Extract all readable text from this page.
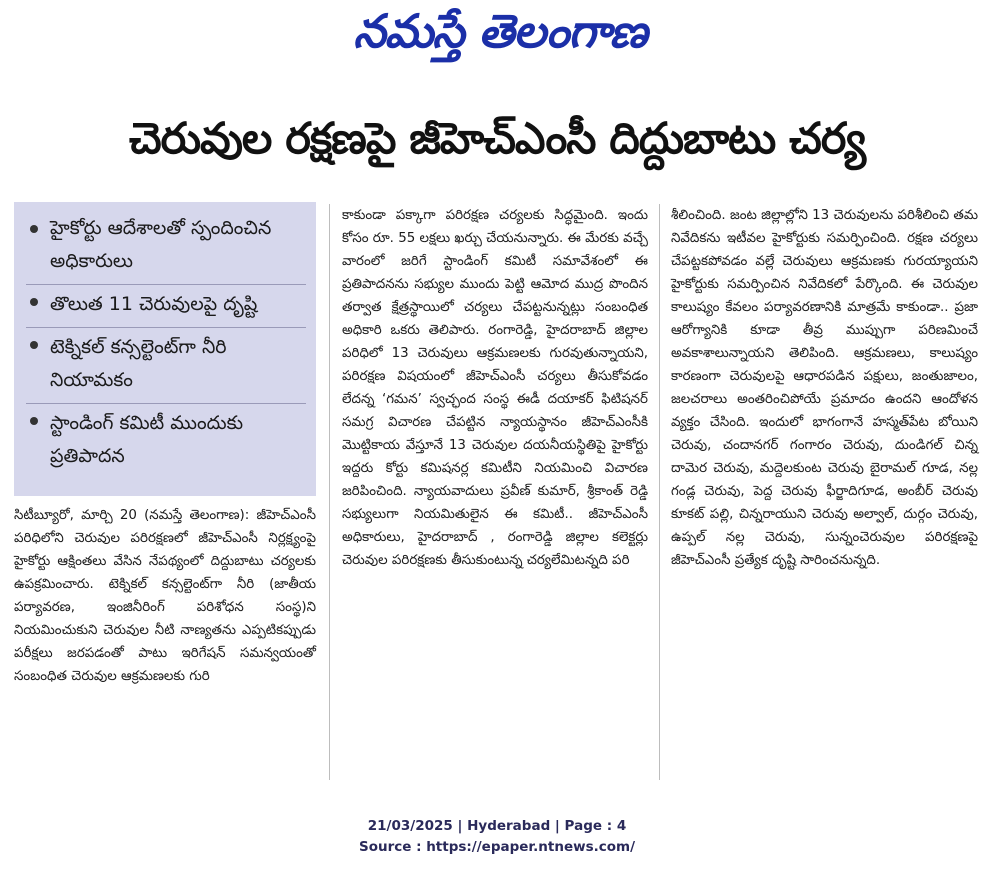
నమస్తే తెలంగాణ
చెరువుల రక్షణపై జీహెచ్ఎంసీ దిద్దుబాటు చర్య
హైకోర్టు ఆదేశాలతో స్పందించిన అధికారులు
తొలుత 11 చెరువులపై దృష్టి
టెక్నికల్ కన్సల్టెంట్‌గా నీరి నియామకం
స్టాండింగ్ కమిటీ ముందుకు ప్రతిపాదన

సిటీబ్యూరో, మార్చి 20 (నమస్తే తెలంగాణ): జీహెచ్ఎంసీ పరిధిలోని చెరువుల పరిరక్షణలో జీహెచ్ఎంసీ నిర్లక్ష్యంపై హైకోర్టు ఆక్షింతలు వేసిన నేపథ్యంలో దిద్దుబాటు చర్యలకు ఉపక్రమించారు. టెక్నికల్ కన్సల్టెంట్‌గా నీరి (జాతీయ పర్యావరణ, ఇంజినీరింగ్ పరిశోధన సంస్థ)ని నియమించుకుని చెరువుల నీటి నాణ్యతను ఎప్పటికప్పుడు పరీక్షలు జరపడంతో పాటు ఇరిగేషన్ సమన్వయంతో సంబంధిత చెరువుల ఆక్రమణలకు గురి

కాకుండా పక్కాగా పరిరక్షణ చర్యలకు సిద్ధమైంది. ఇందు కోసం రూ. 55 లక్షలు ఖర్చు చేయనున్నారు. ఈ మేరకు వచ్చే వారంలో జరిగే స్టాండింగ్ కమిటీ సమావేశంలో ఈ ప్రతిపాదనను సభ్యుల ముందు పెట్టి ఆమోద ముద్ర పొందిన తర్వాత క్షేత్రస్థాయిలో చర్యలు చేపట్టనున్నట్లు సంబంధిత అధికారి ఒకరు తెలిపారు. రంగారెడ్డి, హైదరాబాద్ జిల్లాల పరిధిలో 13 చెరువులు ఆక్రమణలకు గురవుతున్నాయని, పరిరక్షణ విషయంలో జీహెచ్ఎంసీ చర్యలు తీసుకోవడం లేదన్న ‘గమన’ స్వచ్ఛంద సంస్థ ఈడీ దయాకర్ ఫిటిషనర్ సమగ్ర విచారణ చేపట్టిన న్యాయస్థానం జీహెచ్ఎంసీకి మొట్టికాయ వేస్తూనే 13 చెరువుల దయనీయస్థితిపై హైకోర్టు ఇద్దరు కోర్టు కమిషనర్ల కమిటీని నియమించి విచారణ జరిపించింది. న్యాయవాదులు ప్రవీణ్ కుమార్, శ్రీకాంత్ రెడ్డి సభ్యులుగా నియమితులైన ఈ కమిటీ.. జీహెచ్ఎంసీ అధికారులు, హైదరాబాద్ , రంగారెడ్డి జిల్లాల కలెక్టర్లు చెరువుల పరిరక్షణకు తీసుకుంటున్న చర్యలేమిటన్నది పరి

శీలించింది. జంట జిల్లాల్లోని 13 చెరువులను పరిశీలించి తమ నివేదికను ఇటీవల హైకోర్టుకు సమర్పించింది. రక్షణ చర్యలు చేపట్టకపోవడం వల్లే చెరువులు ఆక్రమణకు గురయ్యాయని హైకోర్టుకు సమర్పించిన నివేదికలో పేర్కొంది. ఈ చెరువుల కాలుష్యం కేవలం పర్యావరణానికి మాత్రమే కాకుండా.. ప్రజా ఆరోగ్యానికి కూడా తీవ్ర ముప్పుగా పరిణమించే అవకాశాలున్నాయని తెలిపింది. ఆక్రమణలు, కాలుష్యం కారణంగా చెరువులపై ఆధారపడిన పక్షులు, జంతుజాలం, జలచరాలు అంతరించిపోయే ప్రమాదం ఉందని ఆందోళన వ్యక్తం చేసింది. ఇందులో భాగంగానే హస్మత్‌పేట బోయిని చెరువు, చందానగర్ గంగారం చెరువు, దుండిగల్ చిన్న దామెర చెరువు, మద్దెలకుంట చెరువు బైరామల్ గూడ, నల్ల గండ్ల చెరువు, పెద్ద చెరువు ఫీర్జాదిగూడ, అంబీర్ చెరువు కూకట్ పల్లి, చిన్నరాయుని చెరువు అల్వాల్, దుర్గం చెరువు, ఉప్పల్ నల్ల చెరువు, సున్నంచెరువుల పరిరక్షణపై జీహెచ్ఎంసీ ప్రత్యేక దృష్టి సారించనున్నది.

21/03/2025 | Hyderabad | Page : 4
Source : https://epaper.ntnews.com/
